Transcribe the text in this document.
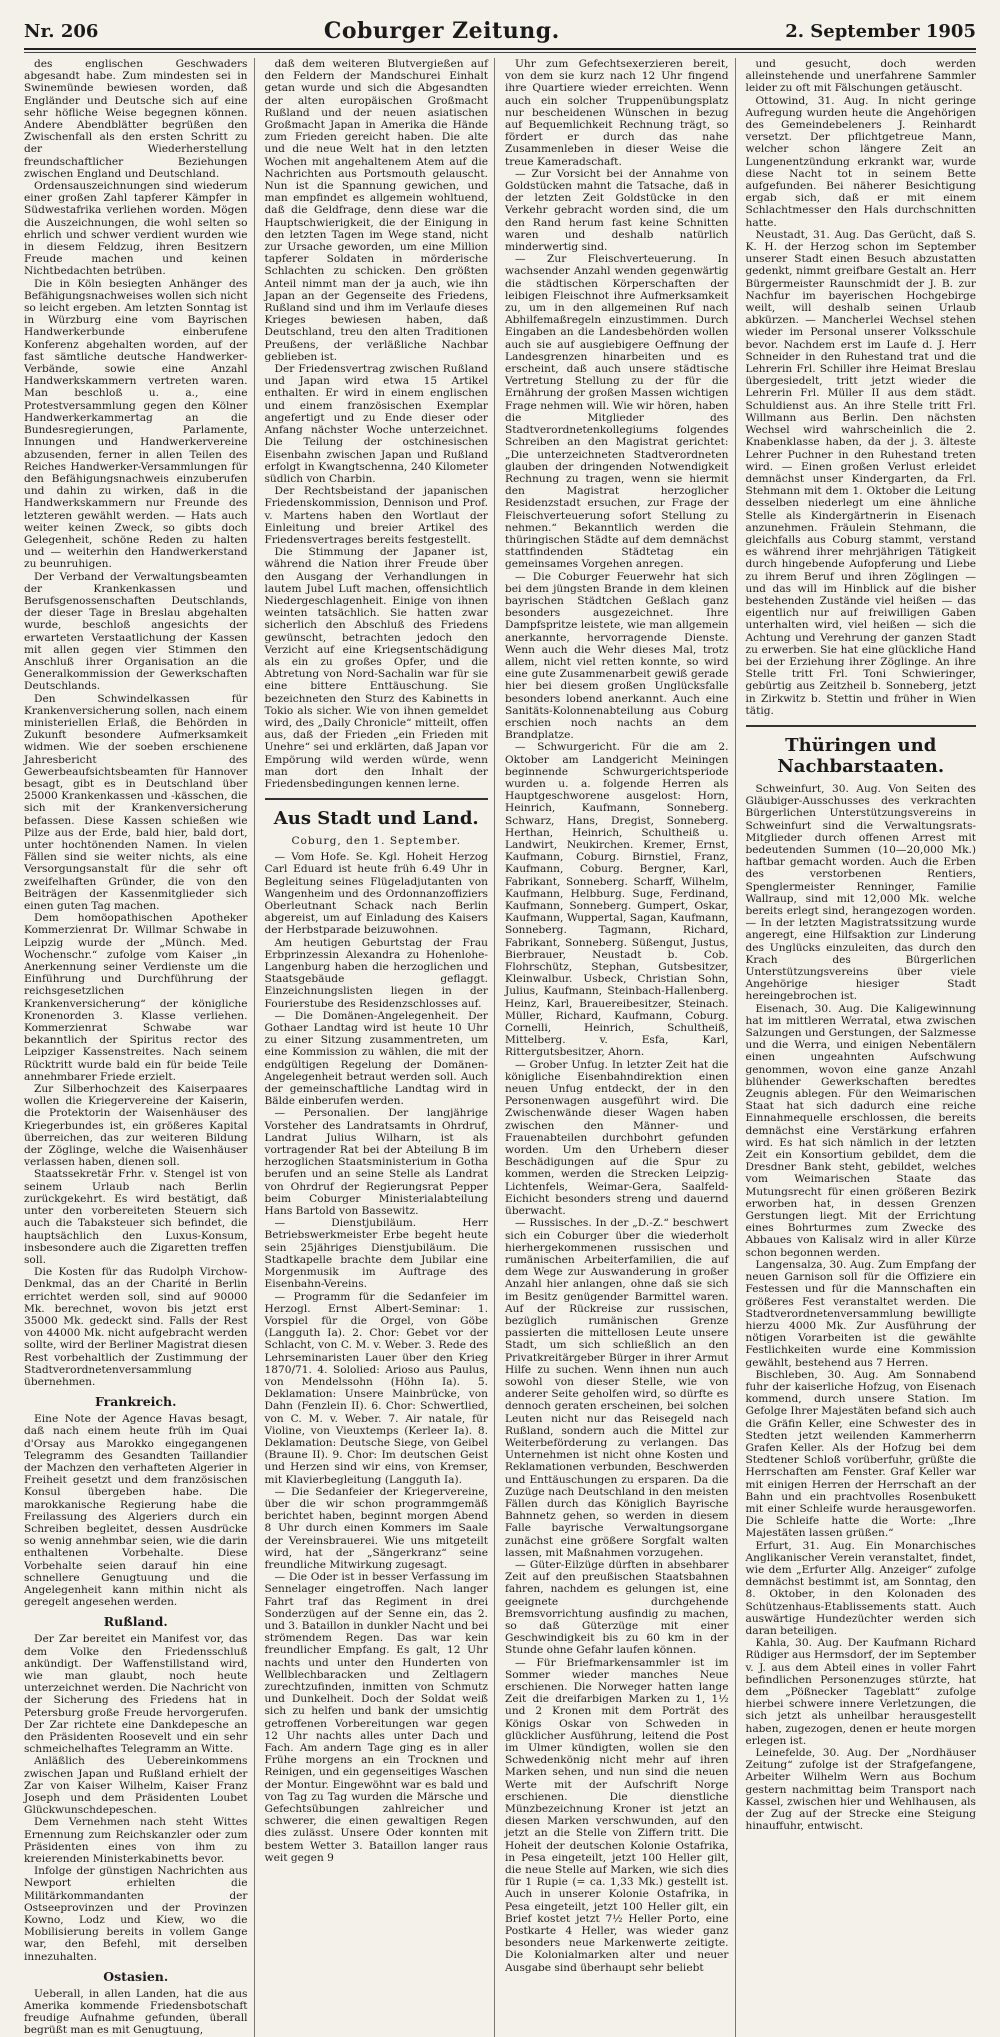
Nr. 206	Coburger Zeitung.	2. September 1905

des englischen Geschwaders abgesandt habe. Zum mindesten sei in Swinemünde bewiesen worden, daß Engländer und Deutsche sich auf eine sehr höfliche Weise begegnen können. Andere Abendblätter begrüßen den Zwischenfall als den ersten Schritt zu der Wiederherstellung freundschaftlicher Beziehungen zwischen England und Deutschland.

Ordensauszeichnungen sind wiederum einer großen Zahl tapferer Kämpfer in Südwestafrika verliehen worden. Mögen die Auszeichnungen, die wohl selten so ehrlich und schwer verdient wurden wie in diesem Feldzug, ihren Besitzern Freude machen und keinen Nichtbedachten betrüben.

Die in Köln besiegten Anhänger des Befähigungsnachweises wollen sich nicht so leicht ergeben. Am letzten Sonntag ist in Würzburg eine vom Bayrischen Handwerkerbunde einberufene Konferenz abgehalten worden, auf der fast sämtliche deutsche Handwerker-Verbände, sowie eine Anzahl Handwerkskammern vertreten waren. Man beschloß u. a., eine Protestversammlung gegen den Kölner Handwerkerkammertag an die Bundesregierungen, Parlamente, Innungen und Handwerkervereine abzusenden, ferner in allen Teilen des Reiches Handwerker-Versammlungen für den Befähigungsnachweis einzuberufen und dahin zu wirken, daß in die Handwerkskammern nur Freunde des letzteren gewählt werden. — Hats auch weiter keinen Zweck, so gibts doch Gelegenheit, schöne Reden zu halten und — weiterhin den Handwerkerstand zu beunruhigen.

Der Verband der Verwaltungsbeamten der Krankenkassen und Berufsgenossenschaften Deutschlands, der dieser Tage in Breslau abgehalten wurde, beschloß angesichts der erwarteten Verstaatlichung der Kassen mit allen gegen vier Stimmen den Anschluß ihrer Organisation an die Generalkommission der Gewerkschaften Deutschlands.

Den Schwindelkassen für Krankenversicherung sollen, nach einem ministeriellen Erlaß, die Behörden in Zukunft besondere Aufmerksamkeit widmen. Wie der soeben erschienene Jahresbericht des Gewerbeaufsichtsbeamten für Hannover besagt, gibt es in Deutschland über 25000 Krankenkassen und -kässchen, die sich mit der Krankenversicherung befassen. Diese Kassen schießen wie Pilze aus der Erde, bald hier, bald dort, unter hochtönenden Namen. In vielen Fällen sind sie weiter nichts, als eine Versorgungsanstalt für die sehr oft zweifelhaften Gründer, die von den Beiträgen der Kassenmitglieder sich einen guten Tag machen.

Dem homöopathischen Apotheker Kommerzienrat Dr. Willmar Schwabe in Leipzig wurde der „Münch. Med. Wochenschr.“ zufolge vom Kaiser „in Anerkennung seiner Verdienste um die Einführung und Durchführung der reichsgesetzlichen Krankenversicherung“ der königliche Kronenorden 3. Klasse verliehen. Kommerzienrat Schwabe war bekanntlich der Spiritus rector des Leipziger Kassenstreites. Nach seinem Rücktritt wurde bald ein für beide Teile annehmbarer Friede erzielt.

Zur Silberhochzeit des Kaiserpaares wollen die Kriegervereine der Kaiserin, die Protektorin der Waisenhäuser des Kriegerbundes ist, ein größeres Kapital überreichen, das zur weiteren Bildung der Zöglinge, welche die Waisenhäuser verlassen haben, dienen soll.

Staatssekretär Frhr. v. Stengel ist von seinem Urlaub nach Berlin zurückgekehrt. Es wird bestätigt, daß unter den vorbereiteten Steuern sich auch die Tabaksteuer sich befindet, die hauptsächlich den Luxus-Konsum, insbesondere auch die Zigaretten treffen soll.

Die Kosten für das Rudolph Virchow-Denkmal, das an der Charité in Berlin errichtet werden soll, sind auf 90000 Mk. berechnet, wovon bis jetzt erst 35000 Mk. gedeckt sind. Falls der Rest von 44000 Mk. nicht aufgebracht werden sollte, wird der Berliner Magistrat diesen Rest vorbehaltlich der Zustimmung der Stadtverordnetenversammlung übernehmen.

Frankreich.

Eine Note der Agence Havas besagt, daß nach einem heute früh im Quai d'Orsay aus Marokko eingegangenen Telegramm des Gesandten Taillandier der Machzen den verhafteten Algerier in Freiheit gesetzt und dem französischen Konsul übergeben habe. Die marokkanische Regierung habe die Freilassung des Algeriers durch ein Schreiben begleitet, dessen Ausdrücke so wenig annehmbar seien, wie die darin enthaltenen Vorbehalte. Diese Vorbehalte seien darauf hin eine schnellere Genugtuung und die Angelegenheit kann mithin nicht als geregelt angesehen werden.

Rußland.

Der Zar bereitet ein Manifest vor, das dem Volke den Friedensschluß ankündigt. Der Waffenstillstand wird, wie man glaubt, noch heute unterzeichnet werden. Die Nachricht von der Sicherung des Friedens hat in Petersburg große Freude hervorgerufen. Der Zar richtete eine Dankdepesche an den Präsidenten Roosevelt und ein sehr schmeichelhaftes Telegramm an Witte.

Anläßlich des Uebereinkommens zwischen Japan und Rußland erhielt der Zar von Kaiser Wilhelm, Kaiser Franz Joseph und dem Präsidenten Loubet Glückwunschdepeschen.

Dem Vernehmen nach steht Wittes Ernennung zum Reichskanzler oder zum Präsidenten eines von ihm zu kreierenden Ministerkabinetts bevor.

Infolge der günstigen Nachrichten aus Newport erhielten die Militärkommandanten der Ostseeprovinzen und der Provinzen Kowno, Lodz und Kiew, wo die Mobilisierung bereits in vollem Gange war, den Befehl, mit derselben innezuhalten.

Ostasien.

Ueberall, in allen Landen, hat die aus Amerika kommende Friedensbotschaft freudige Aufnahme gefunden, überall begrüßt man es mit Genugtuung,

daß dem weiteren Blutvergießen auf den Feldern der Mandschurei Einhalt getan wurde und sich die Abgesandten der alten europäischen Großmacht Rußland und der neuen asiatischen Großmacht Japan in Amerika die Hände zum Frieden gereicht haben. Die alte und die neue Welt hat in den letzten Wochen mit angehaltenem Atem auf die Nachrichten aus Portsmouth gelauscht. Nun ist die Spannung gewichen, und man empfindet es allgemein wohltuend, daß die Geldfrage, denn diese war die Hauptschwierigkeit, die der Einigung in den letzten Tagen im Wege stand, nicht zur Ursache geworden, um eine Million tapferer Soldaten in mörderische Schlachten zu schicken. Den größten Anteil nimmt man der ja auch, wie ihn Japan an der Gegenseite des Friedens, Rußland sind und ihm im Verlaufe dieses Krieges bewiesen haben, daß Deutschland, treu den alten Traditionen Preußens, der verläßliche Nachbar geblieben ist.

Der Friedensvertrag zwischen Rußland und Japan wird etwa 15 Artikel enthalten. Er wird in einem englischen und einem französischen Exemplar angefertigt und zu Ende dieser oder Anfang nächster Woche unterzeichnet. Die Teilung der ostchinesischen Eisenbahn zwischen Japan und Rußland erfolgt in Kwangtschenna, 240 Kilometer südlich von Charbin.

Der Rechtsbeistand der japanischen Friedenskommission, Dennison und Prof. v. Martens haben den Wortlaut der Einleitung und breier Artikel des Friedensvertrages bereits festgestellt.

Die Stimmung der Japaner ist, während die Nation ihrer Freude über den Ausgang der Verhandlungen in lautem Jubel Luft machen, offensichtlich Niedergeschlagenheit. Einige von ihnen weinten tatsächlich. Sie hatten zwar sicherlich den Abschluß des Friedens gewünscht, betrachten jedoch den Verzicht auf eine Kriegsentschädigung als ein zu großes Opfer, und die Abtretung von Nord-Sachalin war für sie eine bittere Enttäuschung. Sie bezeichneten den Sturz des Kabinetts in Tokio als sicher. Wie von ihnen gemeldet wird, des „Daily Chronicle“ mitteilt, offen aus, daß der Frieden „ein Frieden mit Unehre“ sei und erklärten, daß Japan vor Empörung wild werden würde, wenn man dort den Inhalt der Friedensbedingungen kennen lerne.

Aus Stadt und Land.
Coburg, den 1. September.

— Vom Hofe. Se. Kgl. Hoheit Herzog Carl Eduard ist heute früh 6.49 Uhr in Begleitung seines Flügeladjutanten von Wangenheim und des Ordonnanzoffiziers Oberleutnant Schack nach Berlin abgereist, um auf Einladung des Kaisers der Herbstparade beizuwohnen.

Am heutigen Geburtstag der Frau Erbprinzessin Alexandra zu Hohenlohe-Langenburg haben die herzoglichen und Staatsgebäude geflaggt. Einzeichnungslisten liegen in der Fourierstube des Residenzschlosses auf.

— Die Domänen-Angelegenheit. Der Gothaer Landtag wird ist heute 10 Uhr zu einer Sitzung zusammentreten, um eine Kommission zu wählen, die mit der endgültigen Regelung der Domänen-Angelegenheit betraut werden soll. Auch der gemeinschaftliche Landtag wird in Bälde einberufen werden.

— Personalien. Der langjährige Vorsteher des Landratsamts in Ohrdruf, Landrat Julius Wilharn, ist als vortragender Rat bei der Abteilung B im herzoglichen Staatsministerium in Gotha berufen und an seine Stelle als Landrat von Ohrdruf der Regierungsrat Pepper beim Coburger Ministerialabteilung Hans Bartold von Bassewitz.

— Dienstjubiläum. Herr Betriebswerkmeister Erbe begeht heute sein 25jähriges Dienstjubiläum. Die Stadtkapelle brachte dem Jubilar eine Morgenmusik im Auftrage des Eisenbahn-Vereins.

— Programm für die Sedanfeier im Herzogl. Ernst Albert-Seminar: 1. Vorspiel für die Orgel, von Göbe (Langguth Ia). 2. Chor: Gebet vor der Schlacht, von C. M. v. Weber. 3. Rede des Lehrseminaristen Lauer über den Krieg 1870/71. 4. Sololied: Arioso aus Paulus, von Mendelssohn (Höhn Ia). 5. Deklamation: Unsere Mainbrücke, von Dahn (Fenzlein II). 6. Chor: Schwertlied, von C. M. v. Weber. 7. Air natale, für Violine, von Vieuxtemps (Kerleer Ia). 8. Deklamation: Deutsche Siege, von Geibel (Braune II). 9. Chor: Im deutschen Geist und Herzen sind wir eins, von Kremser, mit Klavierbegleitung (Langguth Ia).

— Die Sedanfeier der Kriegervereine, über die wir schon programmgemäß berichtet haben, beginnt morgen Abend 8 Uhr durch einen Kommers im Saale der Vereinsbrauerei. Wie uns mitgeteilt wird, hat der „Sängerkranz“ seine freundliche Mitwirkung zugesagt.

— Die Oder ist in besser Verfassung im Sennelager eingetroffen. Nach langer Fahrt traf das Regiment in drei Sonderzügen auf der Senne ein, das 2. und 3. Bataillon in dunkler Nacht und bei strömendem Regen. Das war kein freundlicher Empfang. Es galt, 12 Uhr nachts und unter den Hunderten von Wellblechbaracken und Zeltlagern zurechtzufinden, inmitten von Schmutz und Dunkelheit. Doch der Soldat weiß sich zu helfen und bank der umsichtig getroffenen Vorbereitungen war gegen 12 Uhr nachts alles unter Dach und Fach. Am andern Tage ging es in aller Frühe morgens an ein Trocknen und Reinigen, und ein gegenseitiges Waschen der Montur. Eingewöhnt war es bald und von Tag zu Tag wurden die Märsche und Gefechtsübungen zahlreicher und schwerer, die einen gewaltigen Regen dies zulässt. Unsere Oder konnten mit bestem Wetter 3. Bataillon langer raus weit gegen 9

Uhr zum Gefechtsexerzieren bereit, von dem sie kurz nach 12 Uhr fingend ihre Quartiere wieder erreichten. Wenn auch ein solcher Truppenübungsplatz nur bescheidenen Wünschen in bezug auf Bequemlichkeit Rechnung trägt, so fördert er durch das nahe Zusammenleben in dieser Weise die treue Kameradschaft.

— Zur Vorsicht bei der Annahme von Goldstücken mahnt die Tatsache, daß in der letzten Zeit Goldstücke in den Verkehr gebracht worden sind, die um den Rand herum fast keine Schnitten waren und deshalb natürlich minderwertig sind.

— Zur Fleischverteuerung. In wachsender Anzahl wenden gegenwärtig die städtischen Körperschaften der leibigen Fleischnot ihre Aufmerksamkeit zu, um in den allgemeinen Ruf nach Abhilfemaßregeln einzustimmen. Durch Eingaben an die Landesbehörden wollen auch sie auf ausgiebigere Oeffnung der Landesgrenzen hinarbeiten und es erscheint, daß auch unsere städtische Vertretung Stellung zu der für die Ernährung der großen Massen wichtigen Frage nehmen will. Wie wir hören, haben die Mitglieder des Stadtverordnetenkollegiums folgendes Schreiben an den Magistrat gerichtet: „Die unterzeichneten Stadtverordneten glauben der dringenden Notwendigkeit Rechnung zu tragen, wenn sie hiermit den Magistrat herzoglicher Residenzstadt ersuchen, zur Frage der Fleischverteuerung sofort Stellung zu nehmen.“ Bekanntlich werden die thüringischen Städte auf dem demnächst stattfindenden Städtetag ein gemeinsames Vorgehen anregen.

— Die Coburger Feuerwehr hat sich bei dem jüngsten Brande in dem kleinen bayrischen Städtchen Geßlach ganz besonders ausgezeichnet. Ihre Dampfspritze leistete, wie man allgemein anerkannte, hervorragende Dienste. Wenn auch die Wehr dieses Mal, trotz allem, nicht viel retten konnte, so wird eine gute Zusammenarbeit gewiß gerade hier bei diesem großen Unglücksfalle besonders lobend anerkannt. Auch eine Sanitäts-Kolonnenabteilung aus Coburg erschien noch nachts an dem Brandplatze.

— Schwurgericht. Für die am 2. Oktober am Landgericht Meiningen beginnende Schwurgerichtsperiode wurden u. a. folgende Herren als Hauptgeschworene ausgelost: Horn, Heinrich, Kaufmann, Sonneberg. Schwarz, Hans, Dregist, Sonneberg. Herthan, Heinrich, Schultheiß u. Landwirt, Neukirchen. Kremer, Ernst, Kaufmann, Coburg. Birnstiel, Franz, Kaufmann, Coburg. Bergner, Karl, Fabrikant, Sonneberg. Scharff, Wilhelm, Kaufmann, Helbburg. Suge, Ferdinand, Kaufmann, Sonneberg. Gumpert, Oskar, Kaufmann, Wuppertal, Sagan, Kaufmann, Sonneberg. Tagmann, Richard, Fabrikant, Sonneberg. Süßengut, Justus, Bierbrauer, Neustadt b. Cob. Flohrschütz, Stephan, Gutsbesitzer, Kleinwalbur. Usbeck, Christian Sohn, Julius, Kaufmann, Steinbach-Hallenberg. Heinz, Karl, Brauereibesitzer, Steinach. Müller, Richard, Kaufmann, Coburg. Cornelli, Heinrich, Schultheiß, Mittelberg. v. Esfa, Karl, Rittergutsbesitzer, Ahorn.

— Grober Unfug. In letzter Zeit hat die königliche Eisenbahndirektion einen neuen Unfug entdeckt, der in den Personenwagen ausgeführt wird. Die Zwischenwände dieser Wagen haben zwischen den Männer- und Frauenabteilen durchbohrt gefunden worden. Um den Urhebern dieser Beschädigungen auf die Spur zu kommen, werden die Strecken Leipzig-Lichtenfels, Weimar-Gera, Saalfeld-Eichicht besonders streng und dauernd überwacht.

— Russisches. In der „D.-Z.“ beschwert sich ein Coburger über die wiederholt hierhergekommenen russischen und rumänischen Arbeiterfamilien, die auf dem Wege zur Auswanderung in großer Anzahl hier anlangen, ohne daß sie sich im Besitz genügender Barmittel waren. Auf der Rückreise zur russischen, bezüglich rumänischen Grenze passierten die mittellosen Leute unsere Stadt, um sich schließlich an den Privatkreitärgeber Bürger in ihrer Armut Hilfe zu suchen. Wenn ihnen nun auch sowohl von dieser Stelle, wie von anderer Seite geholfen wird, so dürfte es dennoch geraten erscheinen, bei solchen Leuten nicht nur das Reisegeld nach Rußland, sondern auch die Mittel zur Weiterbeförderung zu verlangen. Das Unternehmen ist nicht ohne Kosten und Reklamationen verbunden, Beschwerden und Enttäuschungen zu ersparen. Da die Zuzüge nach Deutschland in den meisten Fällen durch das Königlich Bayrische Bahnnetz gehen, so werden in diesem Falle bayrische Verwaltungsorgane zunächst eine größere Sorgfalt walten lassen, mit Maßnahmen vorzugehen.

— Güter-Eilzüge dürften in absehbarer Zeit auf den preußischen Staatsbahnen fahren, nachdem es gelungen ist, eine geeignete durchgehende Bremsvorrichtung ausfindig zu machen, so daß Güterzüge mit einer Geschwindigkeit bis zu 60 km in der Stunde ohne Gefahr laufen können.

— Für Briefmarkensammler ist im Sommer wieder manches Neue erschienen. Die Norweger hatten lange Zeit die dreifarbigen Marken zu 1, 1½ und 2 Kronen mit dem Porträt des Königs Oskar von Schweden in glücklicher Ausführung, leitend die Post im Ulmer kündigten, wollen sie den Schwedenkönig nicht mehr auf ihren Marken sehen, und nun sind die neuen Werte mit der Aufschrift Norge erschienen. Die dienstliche Münzbezeichnung Kroner ist jetzt an diesen Marken verschwunden, auf den jetzt an die Stelle von Ziffern tritt. Die Hoheit der deutschen Kolonie Ostafrika, in Pesa eingeteilt, jetzt 100 Heller gilt, die neue Stelle auf Marken, wie sich dies für 1 Rupie (= ca. 1,33 Mk.) gestellt ist. Auch in unserer Kolonie Ostafrika, in Pesa eingeteilt, jetzt 100 Heller gilt, ein Brief kostet jetzt 7½ Heller Porto, eine Postkarte 4 Heller, was wieder ganz besonders neue Markenwerte zeitigte. Die Kolonialmarken alter und neuer Ausgabe sind überhaupt sehr beliebt

und gesucht, doch werden alleinstehende und unerfahrene Sammler leider zu oft mit Fälschungen getäuscht.

Ottowind, 31. Aug. In nicht geringe Aufregung wurden heute die Angehörigen des Gemeindebeleners J. Reinhardt versetzt. Der pflichtgetreue Mann, welcher schon längere Zeit an Lungenentzündung erkrankt war, wurde diese Nacht tot in seinem Bette aufgefunden. Bei näherer Besichtigung ergab sich, daß er mit einem Schlachtmesser den Hals durchschnitten hatte.

Neustadt, 31. Aug. Das Gerücht, daß S. K. H. der Herzog schon im September unserer Stadt einen Besuch abzustatten gedenkt, nimmt greifbare Gestalt an. Herr Bürgermeister Raunschmidt der J. B. zur Nachfur im bayerischen Hochgebirge weilt, will deshalb seinen Urlaub abkürzen. — Mancherlei Wechsel stehen wieder im Personal unserer Volksschule bevor. Nachdem erst im Laufe d. J. Herr Schneider in den Ruhestand trat und die Lehrerin Frl. Schiller ihre Heimat Breslau übergesiedelt, tritt jetzt wieder die Lehrerin Frl. Müller II aus dem städt. Schuldienst aus. An ihre Stelle tritt Frl. Willmann aus Berlin. Den nächsten Wechsel wird wahrscheinlich die 2. Knabenklasse haben, da der j. 3. älteste Lehrer Puchner in den Ruhestand treten wird. — Einen großen Verlust erleidet demnächst unser Kindergarten, da Frl. Stehmann mit dem 1. Oktober die Leitung desselben niederlegt um eine ähnliche Stelle als Kindergärtnerin in Eisenach anzunehmen. Fräulein Stehmann, die gleichfalls aus Coburg stammt, verstand es während ihrer mehrjährigen Tätigkeit durch hingebende Aufopferung und Liebe zu ihrem Beruf und ihren Zöglingen — und das will im Hinblick auf die bisher bestehenden Zustände viel heißen — das eigentlich nur auf freiwilligen Gaben unterhalten wird, viel heißen — sich die Achtung und Verehrung der ganzen Stadt zu erwerben. Sie hat eine glückliche Hand bei der Erziehung ihrer Zöglinge. An ihre Stelle tritt Frl. Toni Schwieringer, gebürtig aus Zeitzheil b. Sonneberg, jetzt in Zirkwitz b. Stettin und früher in Wien tätig.

Thüringen und Nachbarstaaten.

Schweinfurt, 30. Aug. Von Seiten des Gläubiger-Ausschusses des verkrachten Bürgerlichen Unterstützungsvereins in Schweinfurt sind die Verwaltungsrats-Mitglieder durch offenen Arrest mit bedeutenden Summen (10—20,000 Mk.) haftbar gemacht worden. Auch die Erben des verstorbenen Rentiers, Spenglermeister Renninger, Familie Wallraup, sind mit 12,000 Mk. welche bereits erlegt sind, herangezogen worden. — In der letzten Magistratssitzung wurde angeregt, eine Hilfsaktion zur Linderung des Unglücks einzuleiten, das durch den Krach des Bürgerlichen Unterstützungsvereins über viele Angehörige hiesiger Stadt hereingebrochen ist.

Eisenach, 30. Aug. Die Kaligewinnung hat im mittleren Werratal, etwa zwischen Salzungen und Gerstungen, der Salzmesse und die Werra, und einigen Nebentälern einen ungeahnten Aufschwung genommen, wovon eine ganze Anzahl blühender Gewerkschaften beredtes Zeugnis ablegen. Für den Weimarischen Staat hat sich dadurch eine reiche Einnahmequelle erschlossen, die bereits demnächst eine Verstärkung erfahren wird. Es hat sich nämlich in der letzten Zeit ein Konsortium gebildet, dem die Dresdner Bank steht, gebildet, welches vom Weimarischen Staate das Mutungsrecht für einen größeren Bezirk erworben hat, in dessen Grenzen Gerstungen liegt. Mit der Errichtung eines Bohrturmes zum Zwecke des Abbaues von Kalisalz wird in aller Kürze schon begonnen werden.

Langensalza, 30. Aug. Zum Empfang der neuen Garnison soll für die Offiziere ein Festessen und für die Mannschaften ein größeres Fest veranstaltet werden. Die Stadtverordnetenversammlung bewilligte hierzu 4000 Mk. Zur Ausführung der nötigen Vorarbeiten ist die gewählte Festlichkeiten wurde eine Kommission gewählt, bestehend aus 7 Herren.

Bischleben, 30. Aug. Am Sonnabend fuhr der kaiserliche Hofzug, von Eisenach kommend, durch unsere Station. Im Gefolge Ihrer Majestäten befand sich auch die Gräfin Keller, eine Schwester des in Stedten jetzt weilenden Kammerherrn Grafen Keller. Als der Hofzug bei dem Stedtener Schloß vorüberfuhr, grüßte die Herrschaften am Fenster. Graf Keller war mit einigen Herren der Herrschaft an der Bahn und ein prachtvolles Rosenbukett mit einer Schleife wurde herausgeworfen. Die Schleife hatte die Worte: „Ihre Majestäten lassen grüßen.“

Erfurt, 31. Aug. Ein Monarchisches Anglikanischer Verein veranstaltet, findet, wie dem „Erfurter Allg. Anzeiger“ zufolge demnächst bestimmt ist, am Sonntag, den 8. Oktober, in den Kolonaden des Schützenhaus-Etablissements statt. Auch auswärtige Hundezüchter werden sich daran beteiligen.

Kahla, 30. Aug. Der Kaufmann Richard Rüdiger aus Hermsdorf, der im September v. J. aus dem Abteil eines in voller Fahrt befindlichen Personenzuges stürzte, hat dem „Pößnecker Tageblatt“ zufolge hierbei schwere innere Verletzungen, die sich jetzt als unheilbar herausgestellt haben, zugezogen, denen er heute morgen erlegen ist.

Leinefelde, 30. Aug. Der „Nordhäuser Zeitung“ zufolge ist der Strafgefangene, Arbeiter Wilhelm Wern aus Bochum gestern nachmittag beim Transport nach Kassel, zwischen hier und Wehlhausen, als der Zug auf der Strecke eine Steigung hinauffuhr, entwischt.
